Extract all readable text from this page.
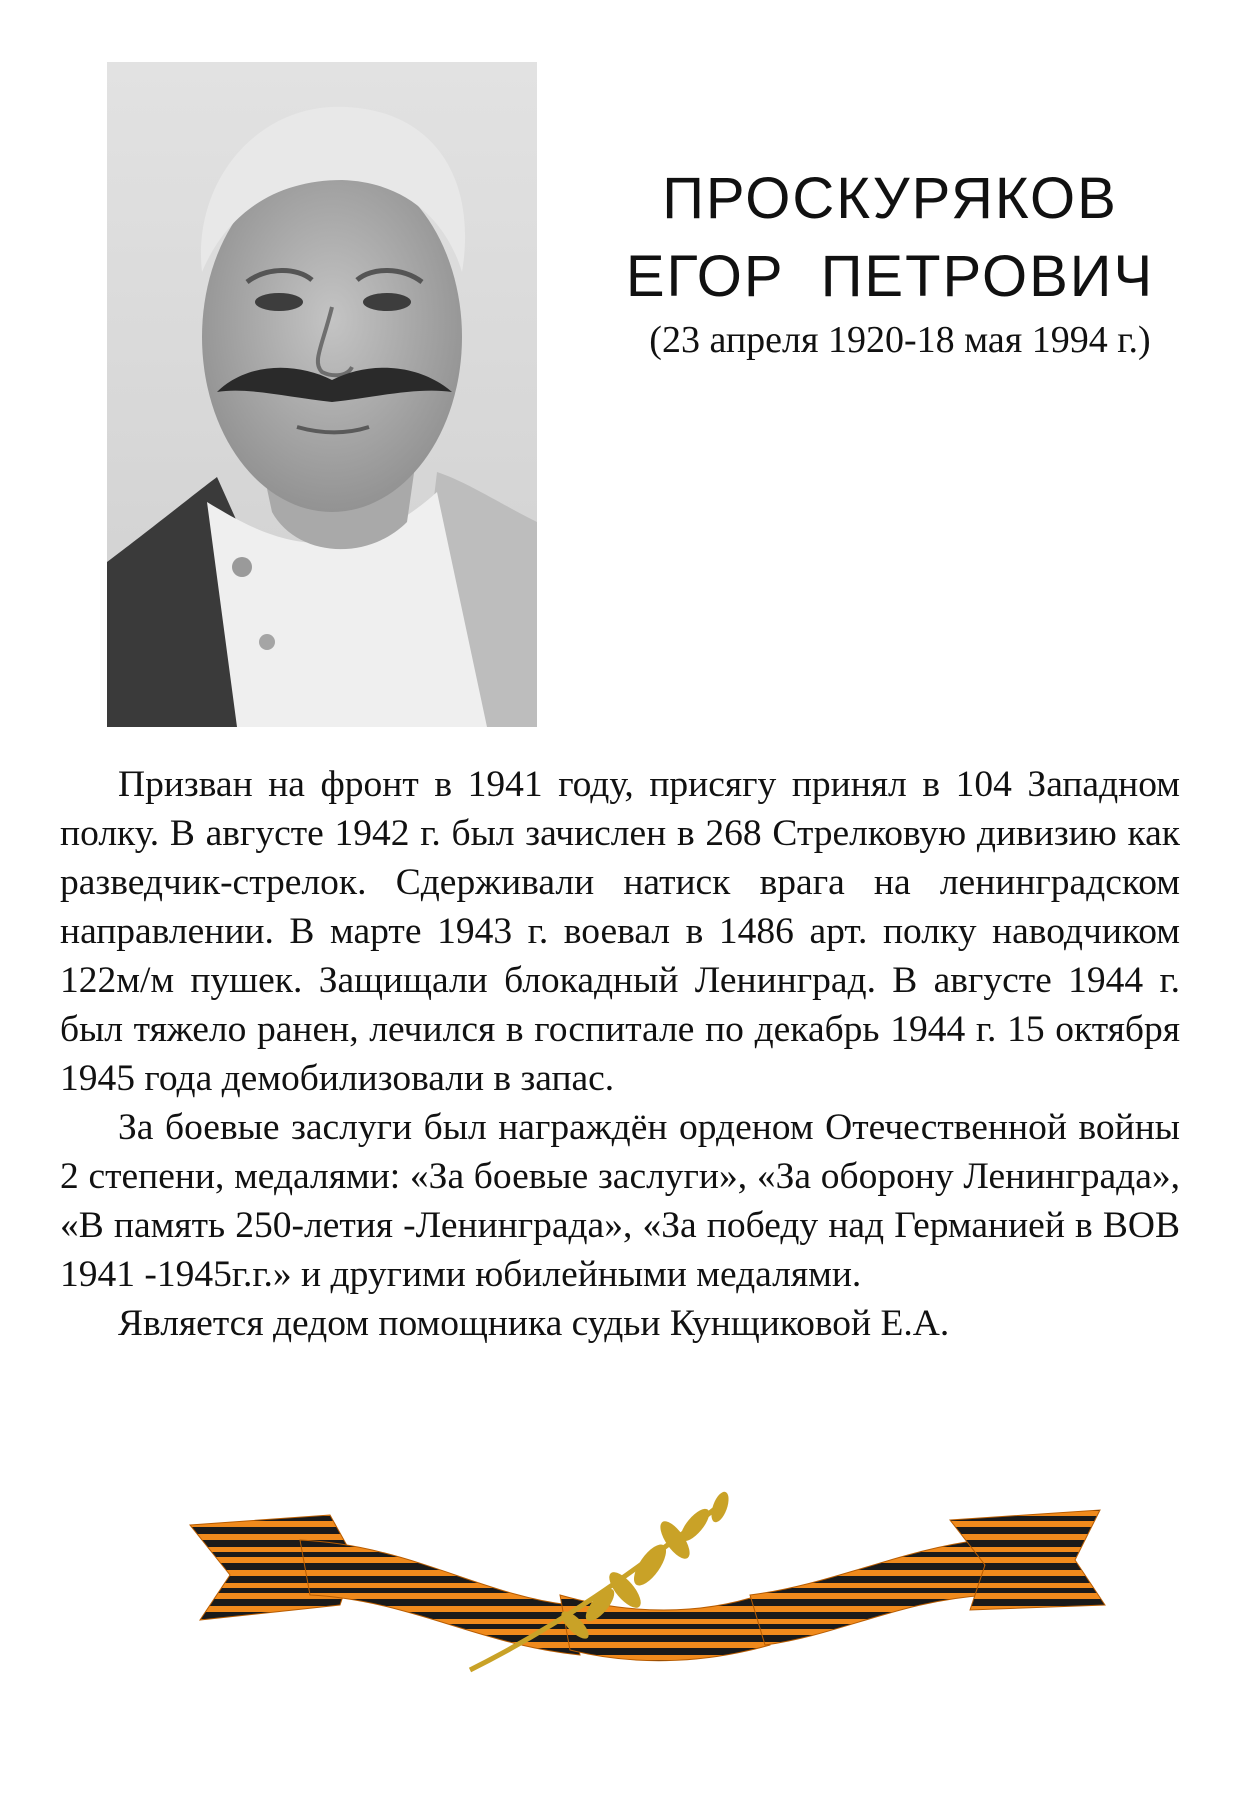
ПРОСКУРЯКОВ
ЕГОР  ПЕТРОВИЧ
(23 апреля 1920-18 мая 1994 г.)

Призван на фронт в 1941 году, присягу принял в 104 Западном полку. В августе 1942 г. был зачислен в 268 Стрелковую дивизию как разведчик-стрелок. Сдерживали натиск врага на ленинградском направлении. В марте 1943 г. воевал в 1486 арт. полку наводчиком 122м/м пушек. Защищали блокадный Ленинград. В августе 1944 г. был тяжело ранен, лечился в госпитале по декабрь 1944 г. 15 октября 1945 года демобилизовали в запас.

За боевые заслуги был награждён орденом Отечественной войны 2 степени, медалями: «За боевые заслуги», «За оборону Ленинграда», «В память 250-летия -Ленинграда», «За победу над Германией в ВОВ 1941 -1945г.г.» и другими юбилейными медалями.

Является дедом помощника судьи Кунщиковой Е.А.
